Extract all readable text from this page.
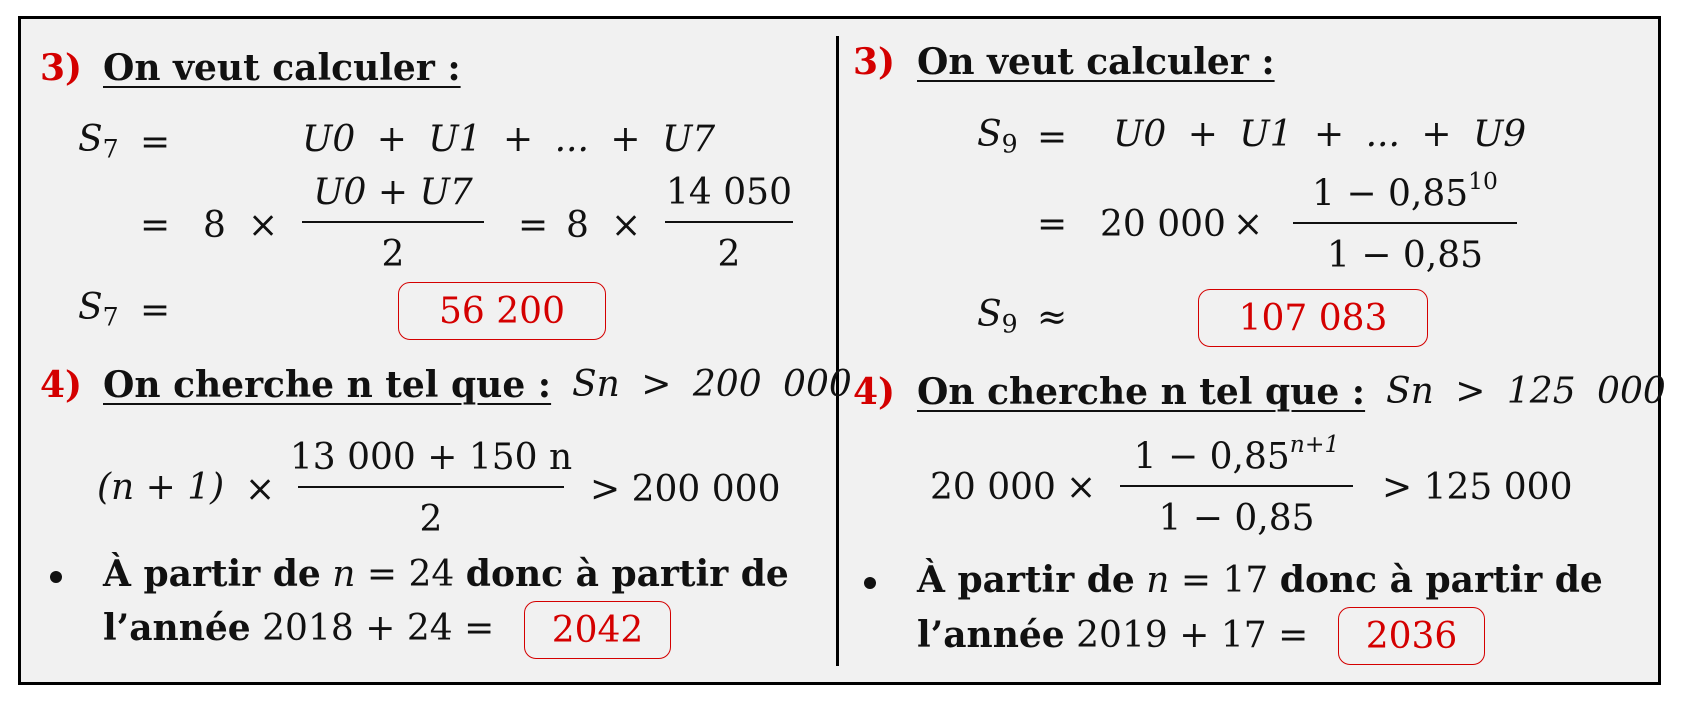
3) On veut calculer :
$S_7$ =	U0 + U1 + ... + U7
= 8 ×
U0 + U7
2
= 8 ×
14 050
2
$S_7$ =	56 200
4) On cherche n tel que : Sn > 200 000
(n + 1) ×
13 000 + 150 n
2
> 200 000
À partir de n = 24 donc à partir de
l’année 2018 + 24 =	2042
3) On veut calculer :
$S_9 = U0 + U1$ + ... + U9
= 20 000 ×
$1 - 0,85^{10}$
1 − 0,85
$S_9$ ≈	107 083
4) On cherche n tel que : Sn > 125 000
20 000 ×
$1 - 0,85^{n+1}$
1 − 0,85
> 125 000
À partir de n = 17 donc à partir de
l’année 2019 + 17 =	2036
